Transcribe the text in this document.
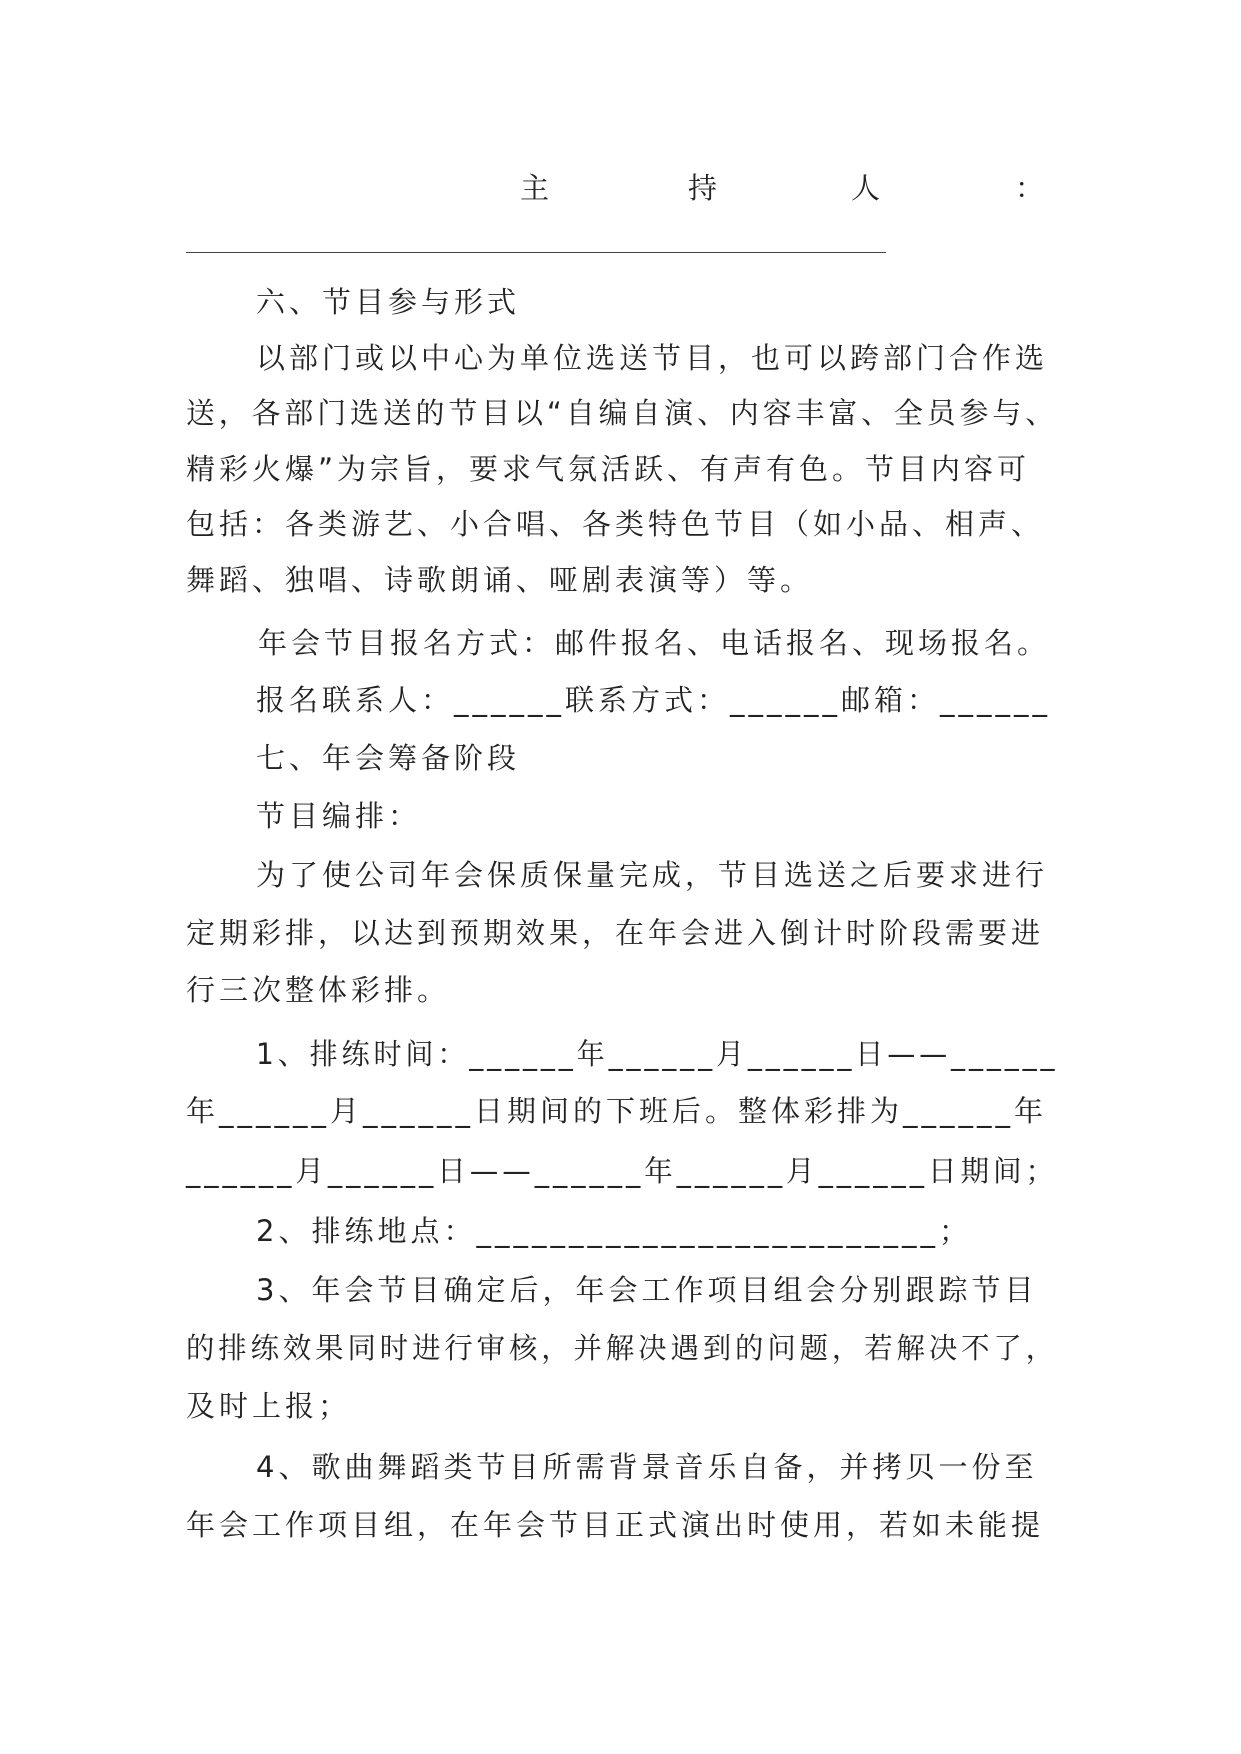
主	持	人	：
六、节目参与形式
以部门或以中心为单位选送节目，也可以跨部门合作选
送，各部门选送的节目以“自编自演、内容丰富、全员参与、
精彩火爆”为宗旨，要求气氛活跃、有声有色。节目内容可
包括：各类游艺、小合唱、各类特色节目（如小品、相声、
舞蹈、独唱、诗歌朗诵、哑剧表演等）等。
年会节目报名方式：邮件报名、电话报名、现场报名。
报名联系人：______联系方式：______邮箱：______
七、年会筹备阶段
节目编排：
为了使公司年会保质保量完成，节目选送之后要求进行
定期彩排，以达到预期效果，在年会进入倒计时阶段需要进
行三次整体彩排。
1、排练时间：______年______月______日——______
年______月______日期间的下班后。整体彩排为______年
______月______日——______年______月______日期间；
2、排练地点：_________________________；
3、年会节目确定后，年会工作项目组会分别跟踪节目
的排练效果同时进行审核，并解决遇到的问题，若解决不了，
及时上报；
4、歌曲舞蹈类节目所需背景音乐自备，并拷贝一份至
年会工作项目组，在年会节目正式演出时使用，若如未能提
